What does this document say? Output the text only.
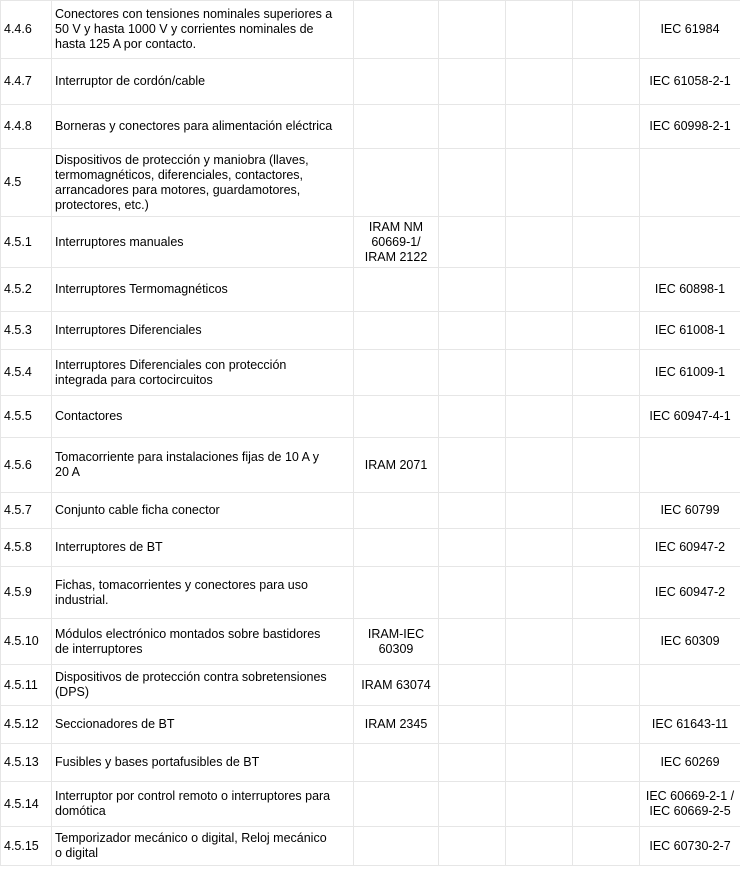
4.4.6	Conectores con tensiones nominales superiores a
50 V y hasta 1000 V y corrientes nominales de
hasta 125 A por contacto.					IEC 61984
4.4.7	Interruptor de cordón/cable					IEC 61058-2-1
4.4.8	Borneras y conectores para alimentación eléctrica					IEC 60998-2-1
4.5	Dispositivos de protección y maniobra (llaves,
termomagnéticos, diferenciales, contactores,
arrancadores para motores, guardamotores,
protectores, etc.)					
4.5.1	Interruptores manuales	IRAM NM
60669-1/
IRAM 2122				
4.5.2	Interruptores Termomagnéticos					IEC 60898-1
4.5.3	Interruptores Diferenciales					IEC 61008-1
4.5.4	Interruptores Diferenciales con protección
integrada para cortocircuitos					IEC 61009-1
4.5.5	Contactores					IEC 60947-4-1
4.5.6	Tomacorriente para instalaciones fijas de 10 A y
20 A	IRAM 2071				
4.5.7	Conjunto cable ficha conector					IEC 60799
4.5.8	Interruptores de BT					IEC 60947-2
4.5.9	Fichas, tomacorrientes y conectores para uso
industrial.					IEC 60947-2
4.5.10	Módulos electrónico montados sobre bastidores
de interruptores	IRAM-IEC
60309				IEC 60309
4.5.11	Dispositivos de protección contra sobretensiones
(DPS)	IRAM 63074				
4.5.12	Seccionadores de BT	IRAM 2345				IEC 61643-11
4.5.13	Fusibles y bases portafusibles de BT					IEC 60269
4.5.14	Interruptor por control remoto o interruptores para
domótica					IEC 60669-2-1 /
IEC 60669-2-5
4.5.15	Temporizador mecánico o digital, Reloj mecánico
o digital					IEC 60730-2-7
